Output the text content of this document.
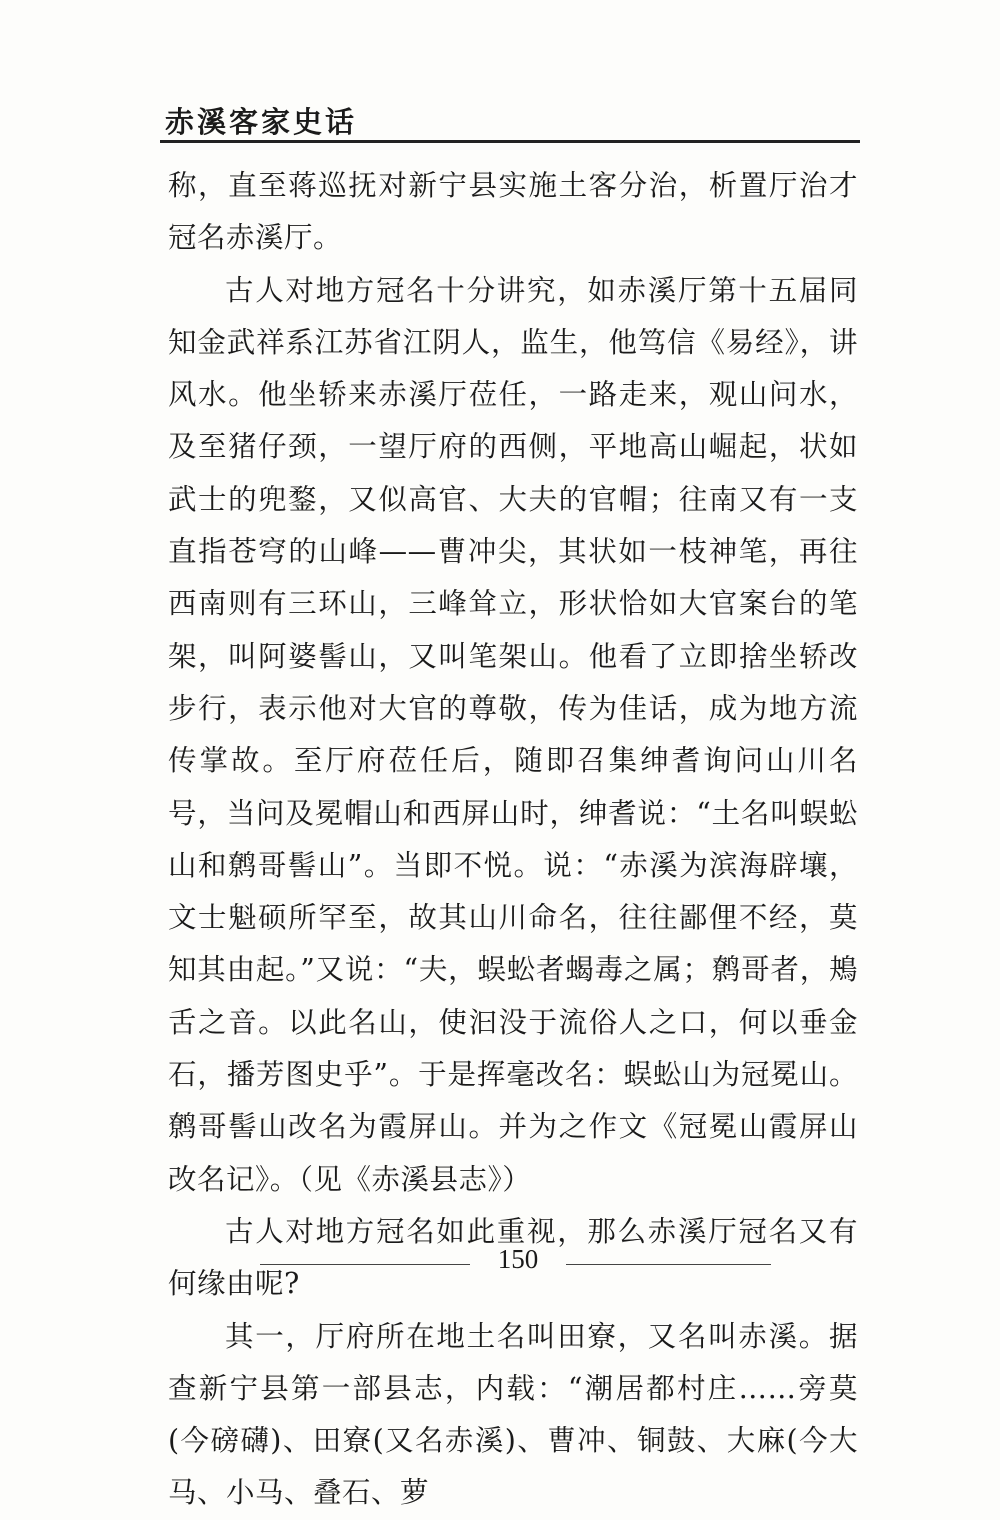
赤溪客家史话

称，直至蒋巡抚对新宁县实施土客分治，析置厅治才冠名赤溪厅。

古人对地方冠名十分讲究，如赤溪厅第十五届同知金武祥系江苏省江阴人，监生，他笃信《易经》，讲风水。他坐轿来赤溪厅莅任，一路走来，观山问水，及至猪仔颈，一望厅府的西侧，平地高山崛起，状如武士的兜鍪，又似高官、大夫的官帽；往南又有一支直指苍穹的山峰——曹冲尖，其状如一枝神笔，再往西南则有三环山，三峰耸立，形状恰如大官案台的笔架，叫阿婆髻山，又叫笔架山。他看了立即捨坐轿改步行，表示他对大官的尊敬，传为佳话，成为地方流传掌故。至厅府莅任后，随即召集绅耆询问山川名号，当问及冕帽山和西屏山时，绅耆说：“土名叫蜈蚣山和鹩哥髻山”。当即不悦。说：“赤溪为滨海辟壤，文士魁硕所罕至，故其山川命名，往往鄙俚不经，莫知其由起。”又说：“夫，蜈蚣者蝎毒之属；鹩哥者，鴂舌之音。以此名山，使汩没于流俗人之口，何以垂金石，播芳图史乎”。于是挥毫改名：蜈蚣山为冠冕山。鹩哥髻山改名为霞屏山。并为之作文《冠冕山霞屏山改名记》。（见《赤溪县志》）

古人对地方冠名如此重视，那么赤溪厅冠名又有何缘由呢?

其一，厅府所在地土名叫田寮，又名叫赤溪。据查新宁县第一部县志，内载：“潮居都村庄……旁莫(今磅礴)、田寮(又名赤溪)、曹冲、铜鼓、大麻(今大马、小马、叠石、萝

150
